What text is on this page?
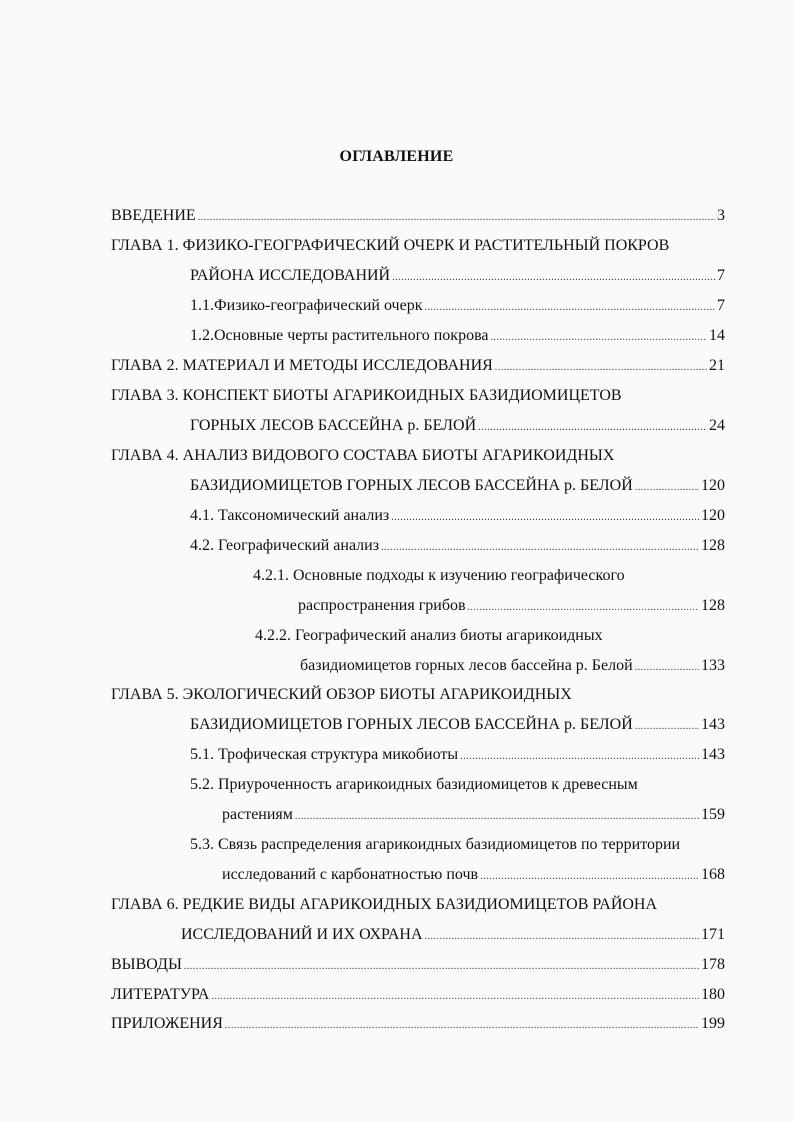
ОГЛАВЛЕНИЕ
ВВЕДЕНИЕ .....	3
ГЛАВА 1. ФИЗИКО-ГЕОГРАФИЧЕСКИЙ ОЧЕРК И РАСТИТЕЛЬНЫЙ ПОКРОВ
РАЙОНА ИССЛЕДОВАНИЙ .....	7
1.1. Физико-географический очерк .....	7
1.2. Основные черты растительного покрова .....	14
ГЛАВА 2. МАТЕРИАЛ И МЕТОДЫ ИССЛЕДОВАНИЯ .....	21
ГЛАВА 3. КОНСПЕКТ БИОТЫ АГАРИКОИДНЫХ БАЗИДИОМИЦЕТОВ
ГОРНЫХ ЛЕСОВ БАССЕЙНА р. БЕЛОЙ .....	24
ГЛАВА 4. АНАЛИЗ ВИДОВОГО СОСТАВА БИОТЫ АГАРИКОИДНЫХ
БАЗИДИОМИЦЕТОВ ГОРНЫХ ЛЕСОВ БАССЕЙНА р. БЕЛОЙ .....	120
4.1. Таксономический анализ .....	120
4.2. Географический анализ .....	128
4.2.1. Основные подходы к изучению географического
распространения грибов .....	128
4.2.2. Географический анализ биоты агарикоидных
базидиомицетов горных лесов бассейна р. Белой .....	133
ГЛАВА 5. ЭКОЛОГИЧЕСКИЙ ОБЗОР БИОТЫ АГАРИКОИДНЫХ
БАЗИДИОМИЦЕТОВ ГОРНЫХ ЛЕСОВ БАССЕЙНА р. БЕЛОЙ .....	143
5.1. Трофическая структура микобиоты .....	143
5.2. Приуроченность агарикоидных базидиомицетов к древесным
растениям .....	159
5.3. Связь распределения агарикоидных базидиомицетов по территории
исследований с карбонатностью почв .....	168
ГЛАВА 6. РЕДКИЕ ВИДЫ АГАРИКОИДНЫХ БАЗИДИОМИЦЕТОВ РАЙОНА
ИССЛЕДОВАНИЙ И ИХ ОХРАНА .....	171
ВЫВОДЫ .....	178
ЛИТЕРАТУРА .....	180
ПРИЛОЖЕНИЯ .....	199
